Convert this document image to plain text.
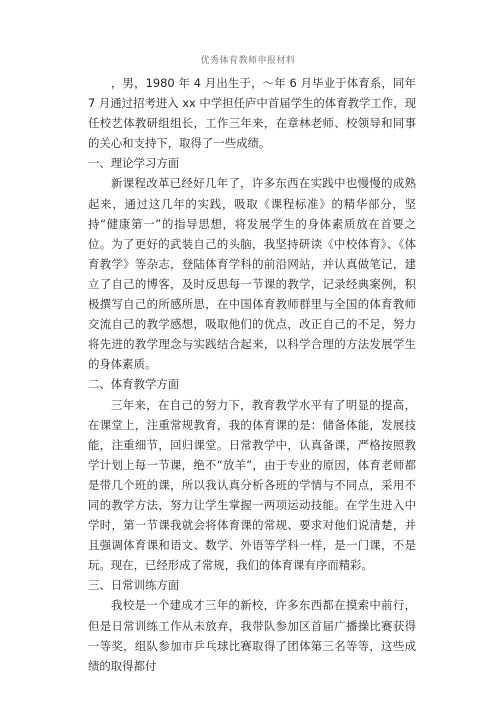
优秀体育教师申报材料

，男，1980 年 4 月出生于，～年 6 月毕业于体育系，同年 7 月通过招考进入 xx 中学担任庐中首届学生的体育教学工作，现任校艺体教研组组长，工作三年来，在章林老师、校领导和同事的关心和支持下，取得了一些成绩。

一、理论学习方面

新课程改革已经好几年了，许多东西在实践中也慢慢的成熟起来，通过这几年的实践，吸取《课程标准》的精华部分，坚持“健康第一”的指导思想，将发展学生的身体素质放在首要之位。为了更好的武装自己的头脑，我坚持研读《中校体育》、《体育教学》等杂志，登陆体育学科的前沿网站，并认真做笔记，建立了自己的博客，及时反思每一节课的教学，记录经典案例，积极撰写自己的所感所思，在中国体育教师群里与全国的体育教师交流自己的教学感想，吸取他们的优点，改正自己的不足，努力将先进的教学理念与实践结合起来，以科学合理的方法发展学生的身体素质。

二、体育教学方面

三年来，在自己的努力下，教育教学水平有了明显的提高，在课堂上，注重常规教育，我的体育课的是：储备体能，发展技能，注重细节，回归课堂。日常教学中，认真备课，严格按照教学计划上每一节课，绝不“放羊”，由于专业的原因，体育老师都是带几个班的课，所以我认真分析各班的学情与不同点，采用不同的教学方法，努力让学生掌握一两项运动技能。在学生进入中学时，第一节课我就会将体育课的常规、要求对他们说清楚，并且强调体育课和语文、数学、外语等学科一样，是一门课，不是玩。现在，已经形成了常规，我们的体育课有序而精彩。

三、日常训练方面

我校是一个建成才三年的新校，许多东西都在摸索中前行，但是日常训练工作从未放弃，我带队参加区首届广播操比赛获得一等奖，组队参加市乒乓球比赛取得了团体第三名等等，这些成绩的取得都付
